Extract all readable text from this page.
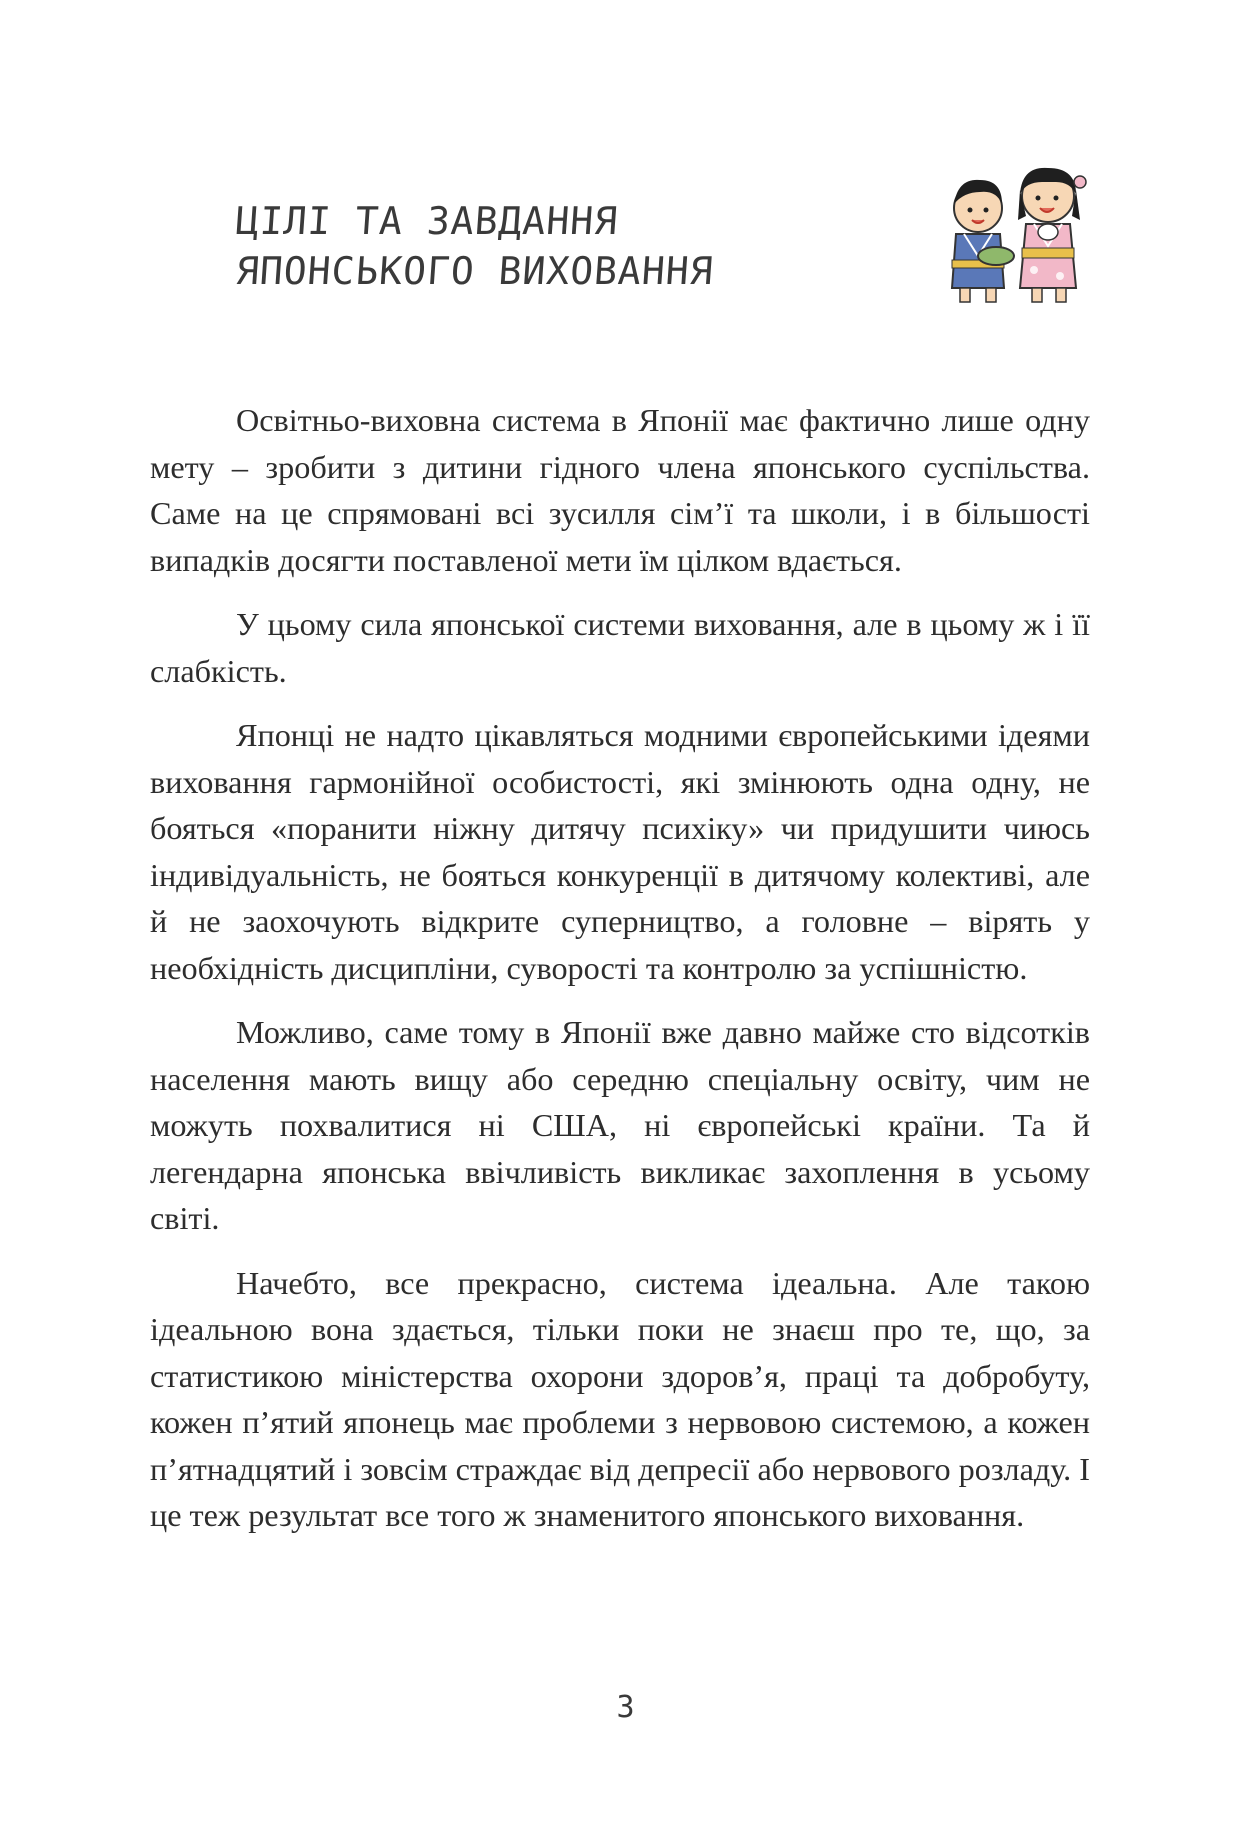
ЦІЛІ ТА ЗАВДАННЯ
ЯПОНСЬКОГО ВИХОВАННЯ

Освітньо-виховна система в Японії має фактично лише одну мету – зробити з дитини гідного члена японського суспільства. Саме на це спрямовані всі зусилля сім’ї та школи, і в більшості випадків досягти поставленої мети їм цілком вдається.

У цьому сила японської системи виховання, але в цьому ж і її слабкість.

Японці не надто цікавляться модними європейськими ідеями виховання гармонійної особистості, які змінюють одна одну, не бояться «поранити ніжну дитячу психіку» чи придушити чиюсь індивідуальність, не бояться конкуренції в дитячому колективі, але й не заохочують відкрите суперництво, а головне – вірять у необхідність дисципліни, суворості та контролю за успішністю.

Можливо, саме тому в Японії вже давно майже сто відсотків населення мають вищу або середню спеціальну освіту, чим не можуть похвалитися ні США, ні європейські країни. Та й легендарна японська ввічливість викликає захоплення в усьому світі.

Начебто, все прекрасно, система ідеальна. Але такою ідеальною вона здається, тільки поки не знаєш про те, що, за статистикою міністерства охорони здоров’я, праці та добробуту, кожен п’ятий японець має проблеми з нервовою системою, а кожен п’ятнадцятий і зовсім страждає від депресії або нервового розладу. І це теж результат все того ж знаменитого японського виховання.

3
